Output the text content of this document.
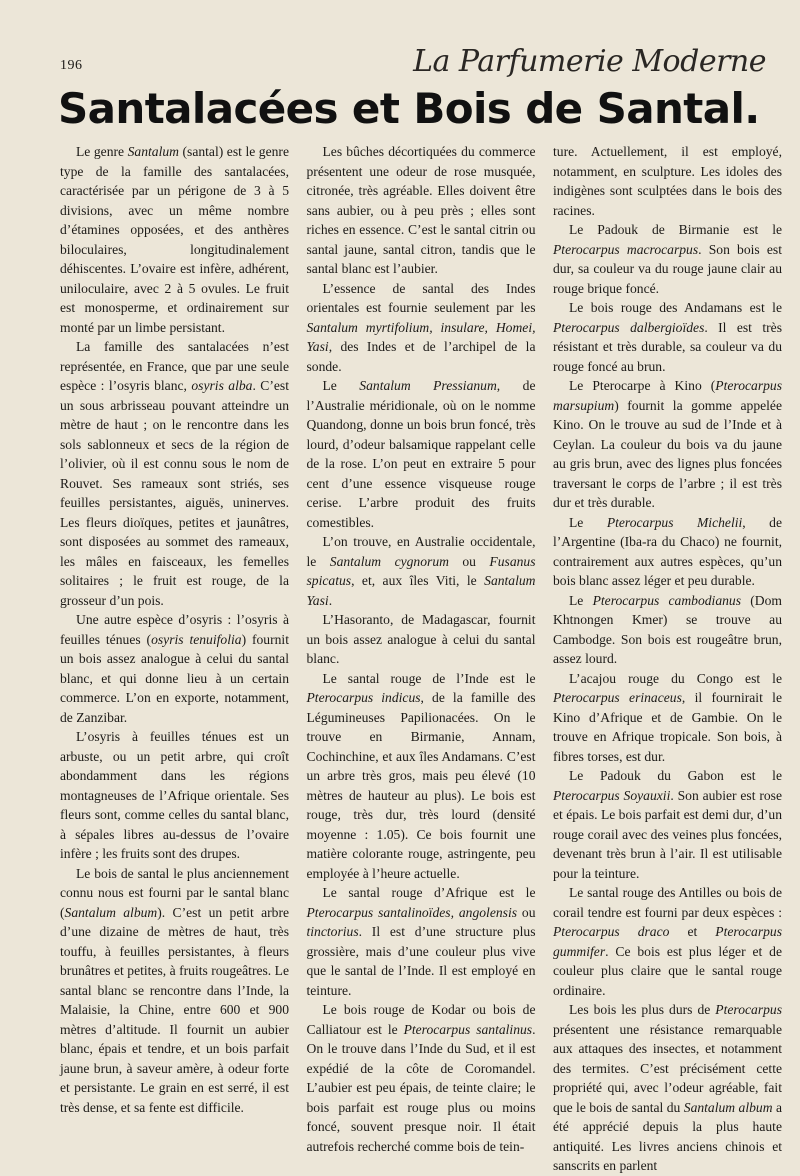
196	La Parfumerie Moderne
Santalacées et Bois de Santal.

Le genre Santalum (santal) est le genre type de la famille des santalacées, caractérisée par un périgone de 3 à 5 divisions, avec un même nombre d’étamines opposées, et des anthères biloculaires, longitudinalement déhiscentes. L’ovaire est infère, adhérent, uniloculaire, avec 2 à 5 ovules. Le fruit est monosperme, et ordinairement sur monté par un limbe persistant.

La famille des santalacées n’est représentée, en France, que par une seule espèce : l’osyris blanc, osyris alba. C’est un sous arbrisseau pouvant atteindre un mètre de haut ; on le rencontre dans les sols sablonneux et secs de la région de l’olivier, où il est connu sous le nom de Rouvet. Ses rameaux sont striés, ses feuilles persistantes, aiguës, uninerves. Les fleurs dioïques, petites et jaunâtres, sont disposées au sommet des rameaux, les mâles en faisceaux, les femelles solitaires ; le fruit est rouge, de la grosseur d’un pois.

Une autre espèce d’osyris : l’osyris à feuilles ténues (osyris tenuifolia) fournit un bois assez analogue à celui du santal blanc, et qui donne lieu à un certain commerce. L’on en exporte, notamment, de Zanzibar.

L’osyris à feuilles ténues est un arbuste, ou un petit arbre, qui croît abondamment dans les régions montagneuses de l’Afrique orientale. Ses fleurs sont, comme celles du santal blanc, à sépales libres au-dessus de l’ovaire infère ; les fruits sont des drupes.

Le bois de santal le plus anciennement connu nous est fourni par le santal blanc (Santalum album). C’est un petit arbre d’une dizaine de mètres de haut, très touffu, à feuilles persistantes, à fleurs brunâtres et petites, à fruits rougeâtres. Le santal blanc se rencontre dans l’Inde, la Malaisie, la Chine, entre 600 et 900 mètres d’altitude. Il fournit un aubier blanc, épais et tendre, et un bois parfait jaune brun, à saveur amère, à odeur forte et persistante. Le grain en est serré, il est très dense, et sa fente est difficile.

Les bûches décortiquées du commerce présentent une odeur de rose musquée, citronée, très agréable. Elles doivent être sans aubier, ou à peu près ; elles sont riches en essence. C’est le santal citrin ou santal jaune, santal citron, tandis que le santal blanc est l’aubier.

L’essence de santal des Indes orientales est fournie seulement par les Santalum myrtifolium, insulare, Homei, Yasi, des Indes et de l’archipel de la sonde.

Le Santalum Pressianum, de l’Australie méridionale, où on le nomme Quandong, donne un bois brun foncé, très lourd, d’odeur balsamique rappelant celle de la rose. L’on peut en extraire 5 pour cent d’une essence visqueuse rouge cerise. L’arbre produit des fruits comestibles.

L’on trouve, en Australie occidentale, le Santalum cygnorum ou Fusanus spicatus, et, aux îles Viti, le Santalum Yasi.

L’Hasoranto, de Madagascar, fournit un bois assez analogue à celui du santal blanc.

Le santal rouge de l’Inde est le Pterocarpus indicus, de la famille des Légumineuses Papilionacées. On le trouve en Birmanie, Annam, Cochinchine, et aux îles Andamans. C’est un arbre très gros, mais peu élevé (10 mètres de hauteur au plus). Le bois est rouge, très dur, très lourd (densité moyenne : 1.05). Ce bois fournit une matière colorante rouge, astringente, peu employée à l’heure actuelle.

Le santal rouge d’Afrique est le Pterocarpus santalinoïdes, angolensis ou tinctorius. Il est d’une structure plus grossière, mais d’une couleur plus vive que le santal de l’Inde. Il est employé en teinture.

Le bois rouge de Kodar ou bois de Calliatour est le Pterocarpus santalinus. On le trouve dans l’Inde du Sud, et il est expédié de la côte de Coromandel. L’aubier est peu épais, de teinte claire; le bois parfait est rouge plus ou moins foncé, souvent presque noir. Il était autrefois recherché comme bois de tein-

ture. Actuellement, il est employé, notamment, en sculpture. Les idoles des indigènes sont sculptées dans le bois des racines.

Le Padouk de Birmanie est le Pterocarpus macrocarpus. Son bois est dur, sa couleur va du rouge jaune clair au rouge brique foncé.

Le bois rouge des Andamans est le Pterocarpus dalbergioïdes. Il est très résistant et très durable, sa couleur va du rouge foncé au brun.

Le Pterocarpe à Kino (Pterocarpus marsupium) fournit la gomme appelée Kino. On le trouve au sud de l’Inde et à Ceylan. La couleur du bois va du jaune au gris brun, avec des lignes plus foncées traversant le corps de l’arbre ; il est très dur et très durable.

Le Pterocarpus Michelii, de l’Argentine (Iba-ra du Chaco) ne fournit, contrairement aux autres espèces, qu’un bois blanc assez léger et peu durable.

Le Pterocarpus cambodianus (Dom Khtnongen Kmer) se trouve au Cambodge. Son bois est rougeâtre brun, assez lourd.

L’acajou rouge du Congo est le Pterocarpus erinaceus, il fournirait le Kino d’Afrique et de Gambie. On le trouve en Afrique tropicale. Son bois, à fibres torses, est dur.

Le Padouk du Gabon est le Pterocarpus Soyauxii. Son aubier est rose et épais. Le bois parfait est demi dur, d’un rouge corail avec des veines plus foncées, devenant très brun à l’air. Il est utilisable pour la teinture.

Le santal rouge des Antilles ou bois de corail tendre est fourni par deux espèces : Pterocarpus draco et Pterocarpus gummifer. Ce bois est plus léger et de couleur plus claire que le santal rouge ordinaire.

Les bois les plus durs de Pterocarpus présentent une résistance remarquable aux attaques des insectes, et notamment des termites. C’est précisément cette propriété qui, avec l’odeur agréable, fait que le bois de santal du Santalum album a été apprécié depuis la plus haute antiquité. Les livres anciens chinois et sanscrits en parlent
